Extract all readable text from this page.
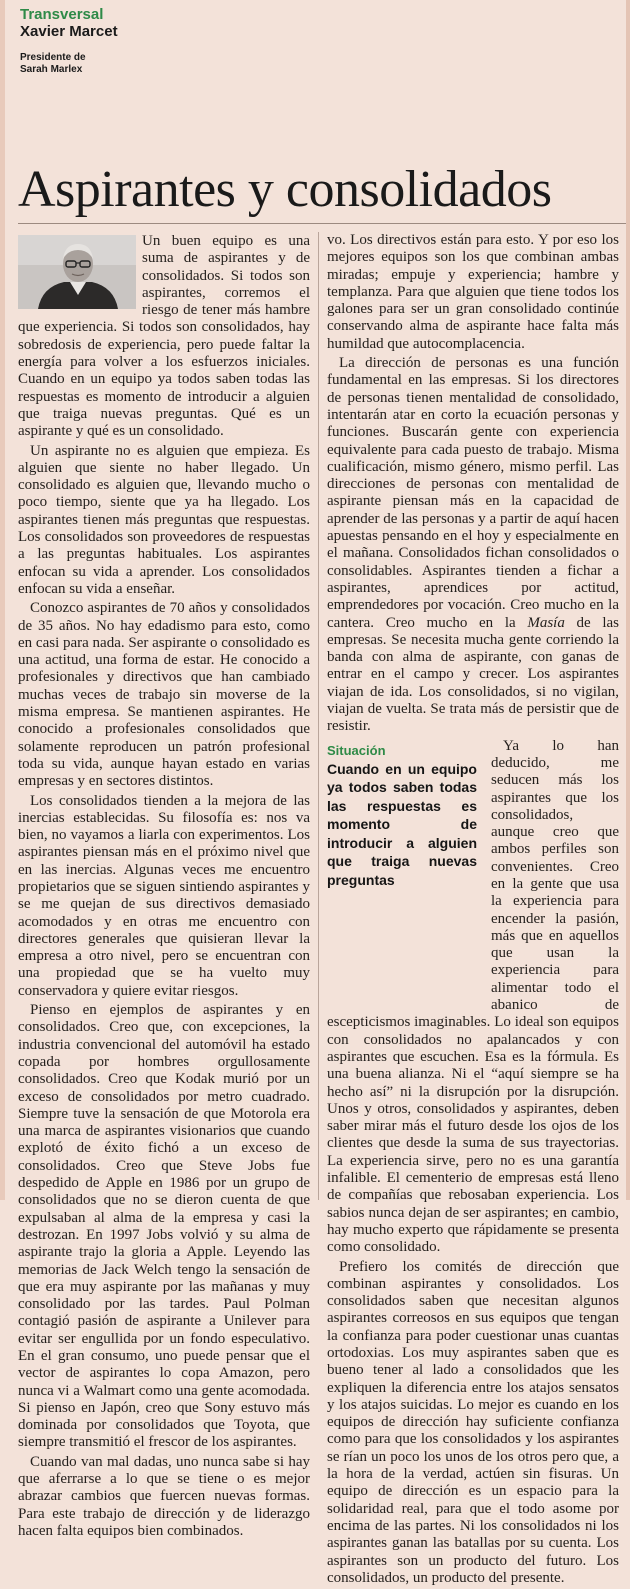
Transversal
Xavier Marcet
Presidente de
Sarah Marlex
Aspirantes y consolidados

Un buen equipo es una suma de aspirantes y de consolidados. Si todos son aspirantes, corremos el riesgo de tener más hambre que experiencia. Si todos son consolidados, hay sobredosis de experiencia, pero puede faltar la energía para volver a los esfuerzos iniciales. Cuando en un equipo ya todos saben todas las respuestas es momento de introducir a alguien que traiga nuevas preguntas. Qué es un aspirante y qué es un consolidado.

Un aspirante no es alguien que empieza. Es alguien que siente no haber llegado. Un consolidado es alguien que, llevando mucho o poco tiempo, siente que ya ha llegado. Los aspirantes tienen más preguntas que respuestas. Los consolidados son proveedores de respuestas a las preguntas habituales. Los aspirantes enfocan su vida a aprender. Los consolidados enfocan su vida a enseñar.

Conozco aspirantes de 70 años y consolidados de 35 años. No hay edadismo para esto, como en casi para nada. Ser aspirante o consolidado es una actitud, una forma de estar. He conocido a profesionales y directivos que han cambiado muchas veces de trabajo sin moverse de la misma empresa. Se mantienen aspirantes. He conocido a profesionales consolidados que solamente reproducen un patrón profesional toda su vida, aunque hayan estado en varias empresas y en sectores distintos.

Los consolidados tienden a la mejora de las inercias establecidas. Su filosofía es: nos va bien, no vayamos a liarla con experimentos. Los aspirantes piensan más en el próximo nivel que en las inercias. Algunas veces me encuentro propietarios que se siguen sintiendo aspirantes y se me quejan de sus directivos demasiado acomodados y en otras me encuentro con directores generales que quisieran llevar la empresa a otro nivel, pero se encuentran con una propiedad que se ha vuelto muy conservadora y quiere evitar riesgos.

Pienso en ejemplos de aspirantes y en consolidados. Creo que, con excepciones, la industria convencional del automóvil ha estado copada por hombres orgullosamente consolidados. Creo que Kodak murió por un exceso de consolidados por metro cuadrado. Siempre tuve la sensación de que Motorola era una marca de aspirantes visionarios que cuando explotó de éxito fichó a un exceso de consolidados. Creo que Steve Jobs fue despedido de Apple en 1986 por un grupo de consolidados que no se dieron cuenta de que expulsaban al alma de la empresa y casi la destrozan. En 1997 Jobs volvió y su alma de aspirante trajo la gloria a Apple. Leyendo las memorias de Jack Welch tengo la sensación de que era muy aspirante por las mañanas y muy consolidado por las tardes. Paul Polman contagió pasión de aspirante a Unilever para evitar ser engullida por un fondo especulativo. En el gran consumo, uno puede pensar que el vector de aspirantes lo copa Amazon, pero nunca vi a Walmart como una gente acomodada. Si pienso en Japón, creo que Sony estuvo más dominada por consolidados que Toyota, que siempre transmitió el frescor de los aspirantes.

Cuando van mal dadas, uno nunca sabe si hay que aferrarse a lo que se tiene o es mejor abrazar cambios que fuercen nuevas formas. Para este trabajo de dirección y de liderazgo hacen falta equipos bien combinados.

vo. Los directivos están para esto. Y por eso los mejores equipos son los que combinan ambas miradas; empuje y experiencia; hambre y templanza. Para que alguien que tiene todos los galones para ser un gran consolidado continúe conservando alma de aspirante hace falta más humildad que autocomplacencia.

La dirección de personas es una función fundamental en las empresas. Si los directores de personas tienen mentalidad de consolidado, intentarán atar en corto la ecuación personas y funciones. Buscarán gente con experiencia equivalente para cada puesto de trabajo. Misma cualificación, mismo género, mismo perfil. Las direcciones de personas con mentalidad de aspirante piensan más en la capacidad de aprender de las personas y a partir de aquí hacen apuestas pensando en el hoy y especialmente en el mañana. Consolidados fichan consolidados o consolidables. Aspirantes tienden a fichar a aspirantes, aprendices por actitud, emprendedores por vocación. Creo mucho en la cantera. Creo mucho en la Masía de las empresas. Se necesita mucha gente corriendo la banda con alma de aspirante, con ganas de entrar en el campo y crecer. Los aspirantes viajan de ida. Los consolidados, si no vigilan, viajan de vuelta. Se trata más de persistir que de resistir.

Situación
Cuando en un equipo ya todos saben todas las respuestas es momento de introducir a alguien que traiga nuevas preguntas

Ya lo han deducido, me seducen más los aspirantes que los consolidados, aunque creo que ambos perfiles son convenientes. Creo en la gente que usa la experiencia para encender la pasión, más que en aquellos que usan la experiencia para alimentar todo el abanico de escepticismos imaginables. Lo ideal son equipos con consolidados no apalancados y con aspirantes que escuchen. Esa es la fórmula. Es una buena alianza. Ni el “aquí siempre se ha hecho así” ni la disrupción por la disrupción. Unos y otros, consolidados y aspirantes, deben saber mirar más el futuro desde los ojos de los clientes que desde la suma de sus trayectorias. La experiencia sirve, pero no es una garantía infalible. El cementerio de empresas está lleno de compañías que rebosaban experiencia. Los sabios nunca dejan de ser aspirantes; en cambio, hay mucho experto que rápidamente se presenta como consolidado.

Prefiero los comités de dirección que combinan aspirantes y consolidados. Los consolidados saben que necesitan algunos aspirantes correosos en sus equipos que tengan la confianza para poder cuestionar unas cuantas ortodoxias. Los muy aspirantes saben que es bueno tener al lado a consolidados que les expliquen la diferencia entre los atajos sensatos y los atajos suicidas. Lo mejor es cuando en los equipos de dirección hay suficiente confianza como para que los consolidados y los aspirantes se rían un poco los unos de los otros pero que, a la hora de la verdad, actúen sin fisuras. Un equipo de dirección es un espacio para la solidaridad real, para que el todo asome por encima de las partes. Ni los consolidados ni los aspirantes ganan las batallas por su cuenta. Los aspirantes son un producto del futuro. Los consolidados, un producto del presente.
